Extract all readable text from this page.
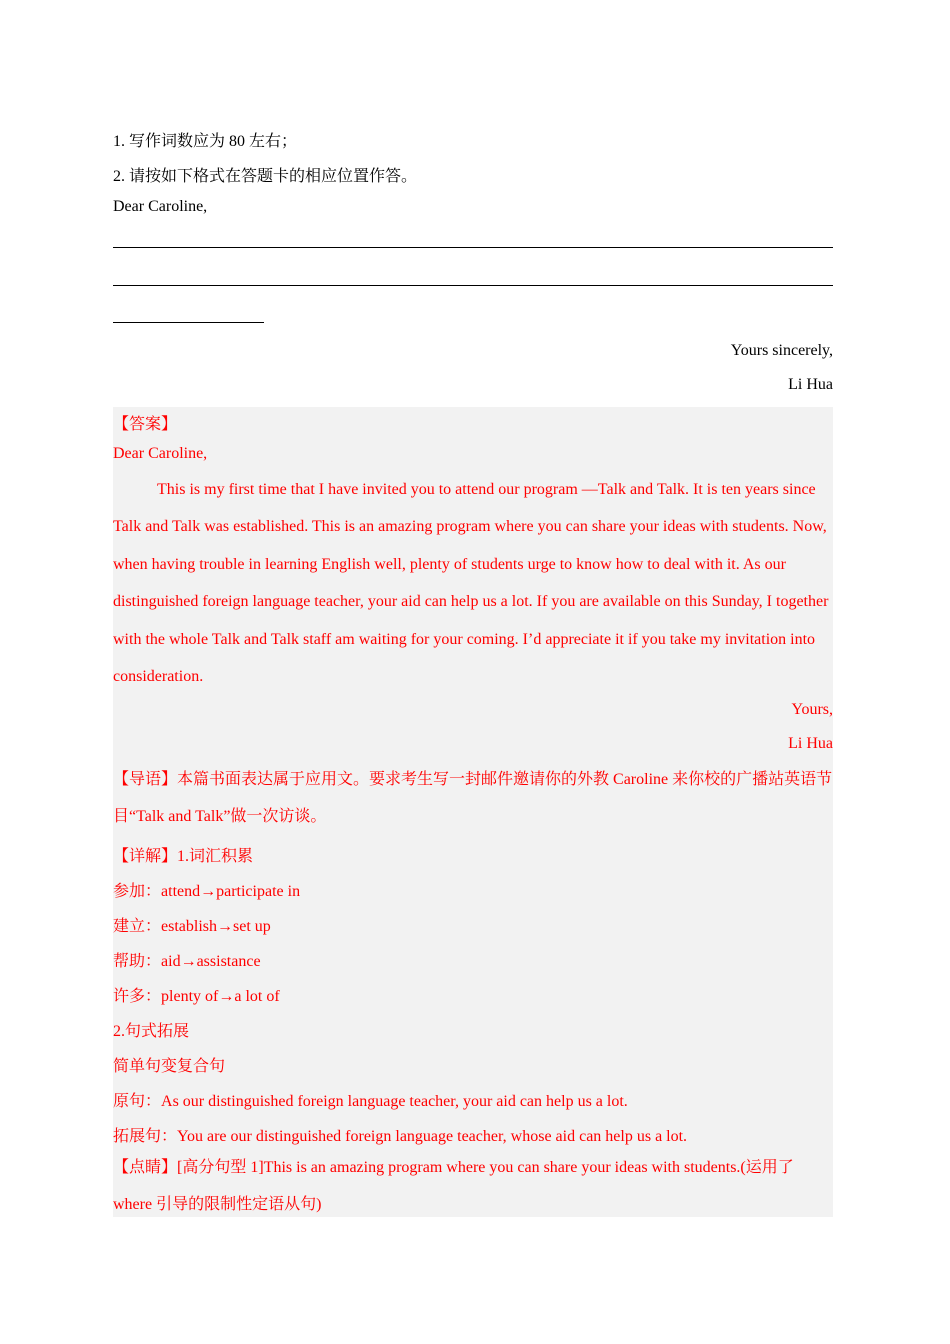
1. 写作词数应为 80 左右；
2. 请按如下格式在答题卡的相应位置作答。
Dear Caroline,
Yours sincerely,
Li Hua
【答案】
Dear Caroline,
This is my first time that I have invited you to attend our program —Talk and Talk. It is ten years since Talk and Talk was established. This is an amazing program where you can share your ideas with students. Now, when having trouble in learning English well, plenty of students urge to know how to deal with it. As our distinguished foreign language teacher, your aid can help us a lot. If you are available on this Sunday, I together with the whole Talk and Talk staff am waiting for your coming. I’d appreciate it if you take my invitation into consideration.
Yours,
Li Hua
【导语】本篇书面表达属于应用文。要求考生写一封邮件邀请你的外教 Caroline 来你校的广播站英语节目“Talk and Talk”做一次访谈。
【详解】1.词汇积累
参加：attend→participate in
建立：establish→set up
帮助：aid→assistance
许多：plenty of→a lot of
2.句式拓展
简单句变复合句
原句：As our distinguished foreign language teacher, your aid can help us a lot.
拓展句：You are our distinguished foreign language teacher, whose aid can help us a lot.
【点睛】[高分句型 1]This is an amazing program where you can share your ideas with students.(运用了 where 引导的限制性定语从句)
